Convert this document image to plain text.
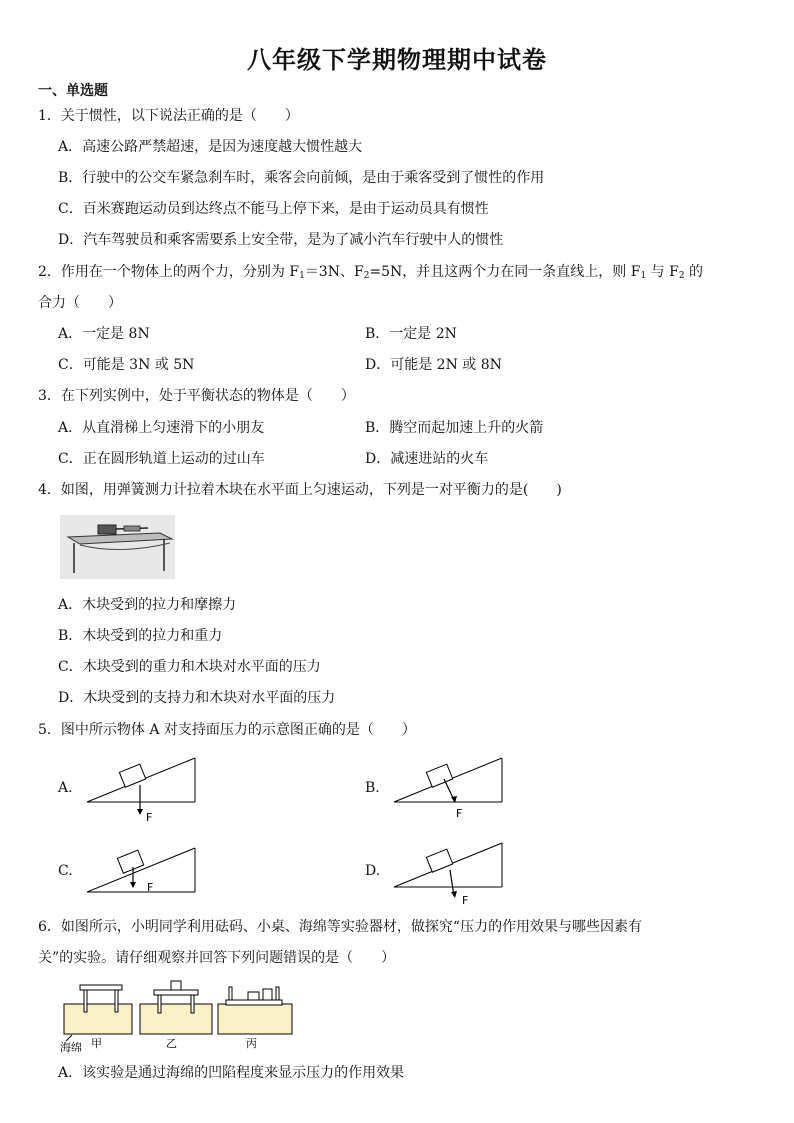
八年级下学期物理期中试卷
一、单选题
1．关于惯性，以下说法正确的是（　　）
A．高速公路严禁超速，是因为速度越大惯性越大
B．行驶中的公交车紧急刹车时，乘客会向前倾，是由于乘客受到了惯性的作用
C．百米赛跑运动员到达终点不能马上停下来，是由于运动员具有惯性
D．汽车驾驶员和乘客需要系上安全带，是为了减小汽车行驶中人的惯性
2．作用在一个物体上的两个力，分别为 $F_1=3N$、$F_2=5N$，并且这两个力在同一条直线上，则 $F_1$ 与 $F_2$ 的
合力（　　）
A．一定是 8N	B．一定是 2N
C．可能是 3N 或 5N	D．可能是 2N 或 8N
3．在下列实例中，处于平衡状态的物体是（　　）
A．从直滑梯上匀速滑下的小朋友	B．腾空而起加速上升的火箭
C．正在圆形轨道上运动的过山车	D．减速进站的火车
4．如图，用弹簧测力计拉着木块在水平面上匀速运动，下列是一对平衡力的是(　　)
A．木块受到的拉力和摩擦力
B．木块受到的拉力和重力
C．木块受到的重力和木块对水平面的压力
D．木块受到的支持力和木块对水平面的压力
5．图中所示物体 A 对支持面压力的示意图正确的是（　　）
A.
F
B.
F
C.
F
D.
F
6．如图所示，小明同学利用砝码、小桌、海绵等实验器材，做探究“压力的作用效果与哪些因素有
关”的实验。请仔细观察并回答下列问题错误的是（　　）
海绵 甲	乙	丙
A．该实验是通过海绵的凹陷程度来显示压力的作用效果
